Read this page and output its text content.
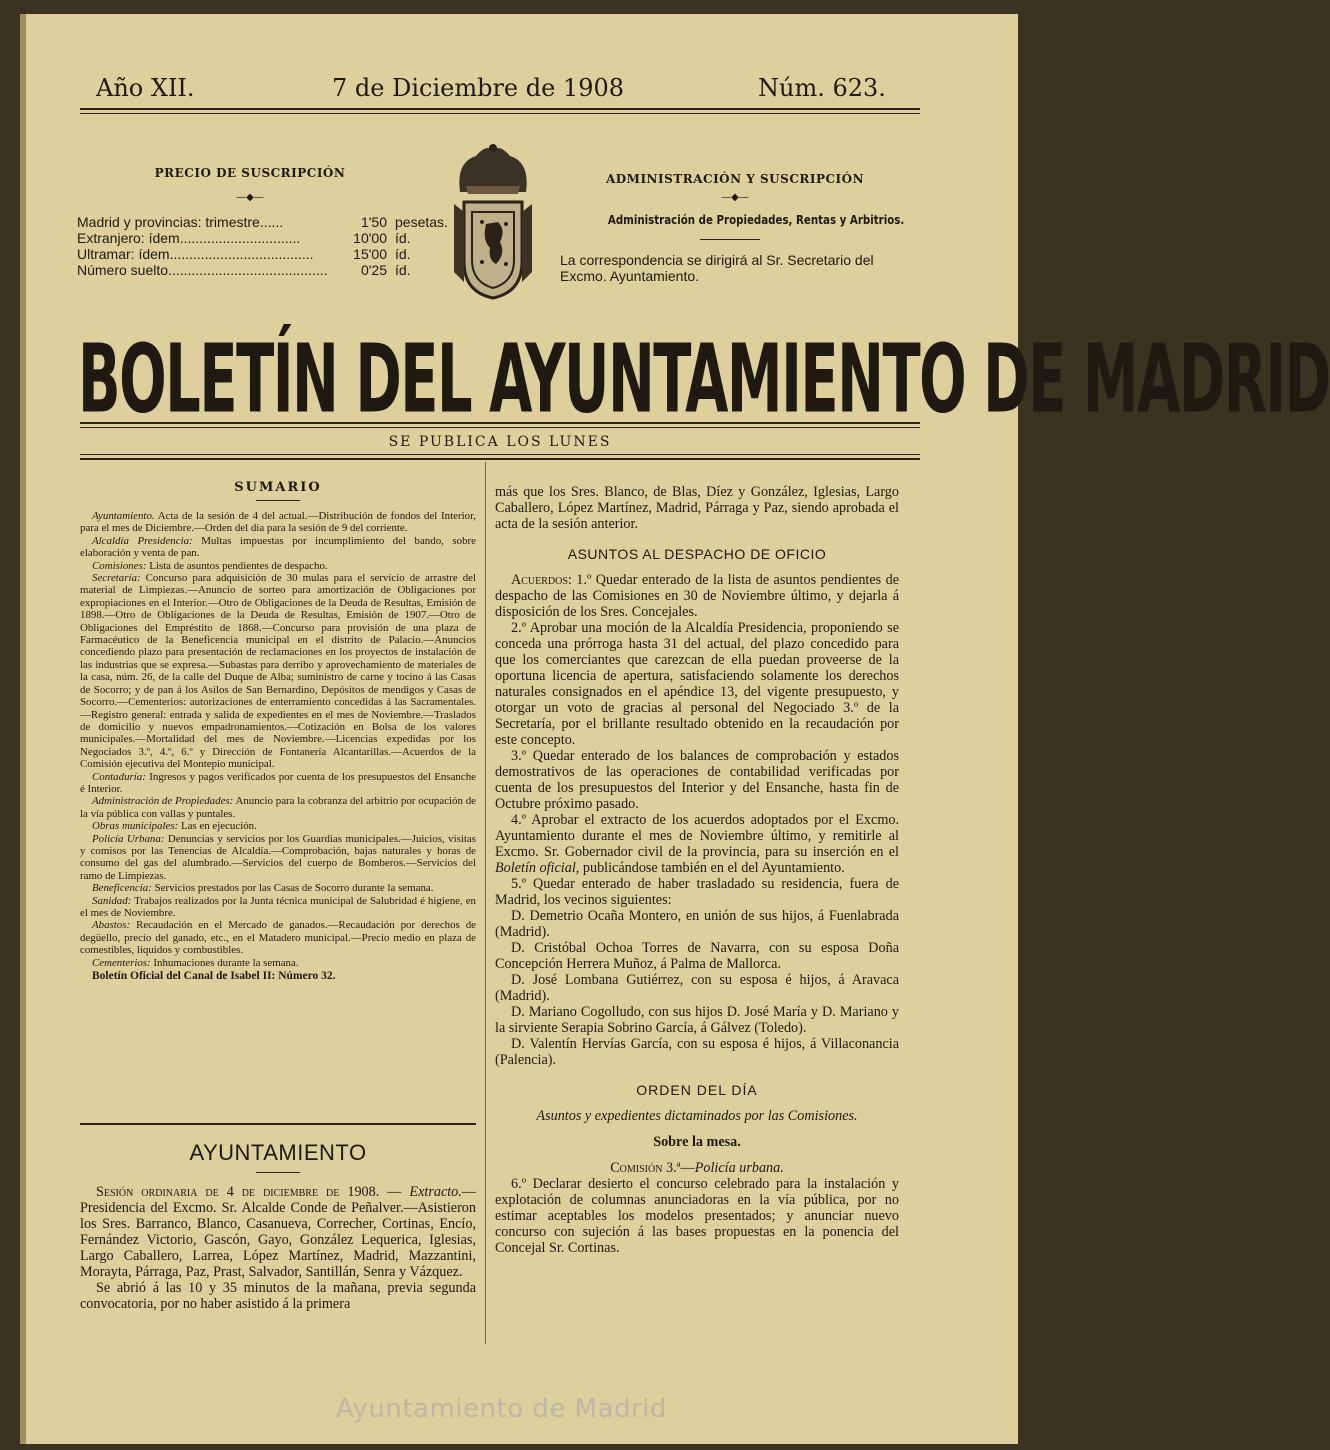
Año XII.	7 de Diciembre de 1908	Núm. 623.
PRECIO DE SUSCRIPCIÓN
—◆—
Madrid y provincias: trimestre......	1'50 pesetas.
Extranjero: ídem...............................	10'00 íd.
Ultramar: ídem.....................................	15'00 íd.
Número suelto.........................................	0'25 íd.
ADMINISTRACIÓN Y SUSCRIPCIÓN
—◆—
Administración de Propiedades, Rentas y Arbitrios.
La correspondencia se dirigirá al Sr. Secretario del Excmo. Ayuntamiento.
BOLETÍN DEL AYUNTAMIENTO DE MADRID
SE PUBLICA LOS LUNES
SUMARIO

Ayuntamiento. Acta de la sesión de 4 del actual.—Distribución de fondos del Interior, para el mes de Diciembre.—Orden del día para la sesión de 9 del corriente.

Alcaldía Presidencia: Multas impuestas por incumplimiento del bando, sobre elaboración y venta de pan.

Comisiones: Lista de asuntos pendientes de despacho.

Secretaría: Concurso para adquisición de 30 mulas para el servicio de arrastre del material de Limpiezas.—Anuncio de sorteo para amortización de Obligaciones por expropiaciones en el Interior.—Otro de Obligaciones de la Deuda de Resultas, Emisión de 1898.—Otro de Obligaciones de la Deuda de Resultas, Emisión de 1907.—Otro de Obligaciones del Empréstito de 1868.—Concurso para provisión de una plaza de Farmacéutico de la Beneficencia municipal en el distrito de Palacio.—Anuncios concediendo plazo para presentación de reclamaciones en los proyectos de instalación de las industrias que se expresa.—Subastas para derribo y aprovechamiento de materiales de la casa, núm. 26, de la calle del Duque de Alba; suministro de carne y tocino á las Casas de Socorro; y de pan á los Asilos de San Bernardino, Depósitos de mendigos y Casas de Socorro.—Cementerios: autorizaciones de enterramiento concedidas á las Sacramentales.—Registro general: entrada y salida de expedientes en el mes de Noviembre.—Traslados de domicilio y nuevos empadronamientos.—Cotización en Bolsa de los valores municipales.—Mortalidad del mes de Noviembre.—Licencias expedidas por los Negociados 3.º, 4.º, 6.º y Dirección de Fontanería Alcantarillas.—Acuerdos de la Comisión ejecutiva del Montepío municipal.

Contaduría: Ingresos y pagos verificados por cuenta de los presupuestos del Ensanche é Interior.

Administración de Propiedades: Anuncio para la cobranza del arbitrio por ocupación de la vía pública con vallas y puntales.

Obras municipales: Las en ejecución.

Policía Urbana: Denuncias y servicios por los Guardias municipales.—Juicios, visitas y comisos por las Tenencias de Alcaldía.—Comprobación, bajas naturales y horas de consumo del gas del alumbrado.—Servicios del cuerpo de Bomberos.—Servicios del ramo de Limpiezas.

Beneficencia: Servicios prestados por las Casas de Socorro durante la semana.

Sanidad: Trabajos realizados por la Junta técnica municipal de Salubridad é higiene, en el mes de Noviembre.

Abastos: Recaudación en el Mercado de ganados.—Recaudación por derechos de degüello, precio del ganado, etc., en el Matadero municipal.—Precio medio en plaza de comestibles, líquidos y combustibles.

Cementerios: Inhumaciones durante la semana.

Boletín Oficial del Canal de Isabel II: Número 32.

AYUNTAMIENTO

Sesión ordinaria de 4 de diciembre de 1908. — Extracto.—Presidencia del Excmo. Sr. Alcalde Conde de Peñalver.—Asistieron los Sres. Barranco, Blanco, Casanueva, Correcher, Cortinas, Encío, Fernández Victorio, Gascón, Gayo, González Lequerica, Iglesias, Largo Caballero, Larrea, López Martínez, Madrid, Mazzantini, Morayta, Párraga, Paz, Prast, Salvador, Santillán, Senra y Vázquez.

Se abrió á las 10 y 35 minutos de la mañana, previa segunda convocatoria, por no haber asistido á la primera

más que los Sres. Blanco, de Blas, Díez y González, Iglesias, Largo Caballero, López Martínez, Madrid, Párraga y Paz, siendo aprobada el acta de la sesión anterior.

ASUNTOS AL DESPACHO DE OFICIO

Acuerdos: 1.º Quedar enterado de la lista de asuntos pendientes de despacho de las Comisiones en 30 de Noviembre último, y dejarla á disposición de los Sres. Concejales.

2.º Aprobar una moción de la Alcaldía Presidencia, proponiendo se conceda una prórroga hasta 31 del actual, del plazo concedido para que los comerciantes que carezcan de ella puedan proveerse de la oportuna licencia de apertura, satisfaciendo solamente los derechos naturales consignados en el apéndice 13, del vigente presupuesto, y otorgar un voto de gracias al personal del Negociado 3.º de la Secretaría, por el brillante resultado obtenido en la recaudación por este concepto.

3.º Quedar enterado de los balances de comprobación y estados demostrativos de las operaciones de contabilidad verificadas por cuenta de los presupuestos del Interior y del Ensanche, hasta fin de Octubre próximo pasado.

4.º Aprobar el extracto de los acuerdos adoptados por el Excmo. Ayuntamiento durante el mes de Noviembre último, y remitirle al Excmo. Sr. Gobernador civil de la provincia, para su inserción en el Boletín oficial, publicándose también en el del Ayuntamiento.

5.º Quedar enterado de haber trasladado su residencia, fuera de Madrid, los vecinos siguientes:

D. Demetrio Ocaña Montero, en unión de sus hijos, á Fuenlabrada (Madrid).

D. Cristóbal Ochoa Torres de Navarra, con su esposa Doña Concepción Herrera Muñoz, á Palma de Mallorca.

D. José Lombana Gutiérrez, con su esposa é hijos, á Aravaca (Madrid).

D. Mariano Cogolludo, con sus hijos D. José María y D. Mariano y la sirviente Serapia Sobrino García, á Gálvez (Toledo).

D. Valentín Hervías García, con su esposa é hijos, á Villaconancia (Palencia).

ORDEN DEL DÍA

Asuntos y expedientes dictaminados por las Comisiones.

Sobre la mesa.

Comisión 3.ª—Policía urbana.

6.º Declarar desierto el concurso celebrado para la instalación y explotación de columnas anunciadoras en la vía pública, por no estimar aceptables los modelos presentados; y anunciar nuevo concurso con sujeción á las bases propuestas en la ponencia del Concejal Sr. Cortinas.

Ayuntamiento de Madrid
